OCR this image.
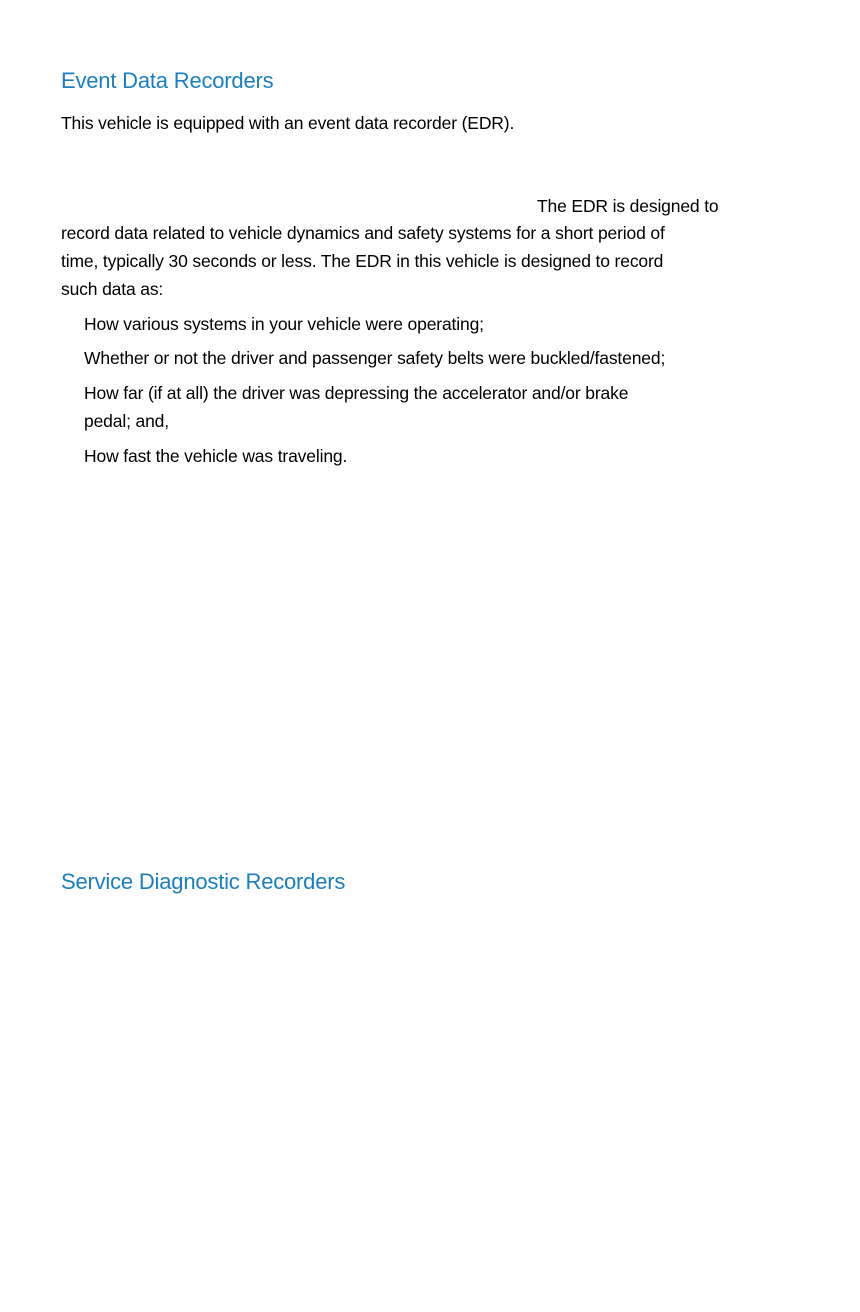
Event Data Recorders

This vehicle is equipped with an event data recorder (EDR).

The EDR is designed to

record data related to vehicle dynamics and safety systems for a short period of

time, typically 30 seconds or less. The EDR in this vehicle is designed to record

such data as:

How various systems in your vehicle were operating;

Whether or not the driver and passenger safety belts were buckled/fastened;

How far (if at all) the driver was depressing the accelerator and/or brake

pedal; and,

How fast the vehicle was traveling.

Service Diagnostic Recorders
